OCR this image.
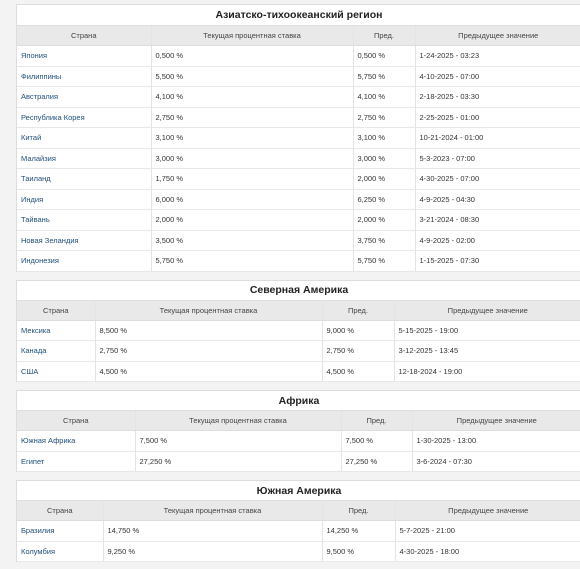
Азиатско-тихоокеанский регион
Страна	Текущая процентная ставка	Пред.	Предыдущее значение
Япония	0,500 %	0,500 %	1-24-2025 - 03:23
Филиппины	5,500 %	5,750 %	4-10-2025 - 07:00
Австралия	4,100 %	4,100 %	2-18-2025 - 03:30
Республика Корея	2,750 %	2,750 %	2-25-2025 - 01:00
Китай	3,100 %	3,100 %	10-21-2024 - 01:00
Малайзия	3,000 %	3,000 %	5-3-2023 - 07:00
Таиланд	1,750 %	2,000 %	4-30-2025 - 07:00
Индия	6,000 %	6,250 %	4-9-2025 - 04:30
Тайвань	2,000 %	2,000 %	3-21-2024 - 08:30
Новая Зеландия	3,500 %	3,750 %	4-9-2025 - 02:00
Индонезия	5,750 %	5,750 %	1-15-2025 - 07:30
Северная Америка
Страна	Текущая процентная ставка	Пред.	Предыдущее значение
Мексика	8,500 %	9,000 %	5-15-2025 - 19:00
Канада	2,750 %	2,750 %	3-12-2025 - 13:45
США	4,500 %	4,500 %	12-18-2024 - 19:00
Африка
Страна	Текущая процентная ставка	Пред.	Предыдущее значение
Южная Африка	7,500 %	7,500 %	1-30-2025 - 13:00
Египет	27,250 %	27,250 %	3-6-2024 - 07:30
Южная Америка
Страна	Текущая процентная ставка	Пред.	Предыдущее значение
Бразилия	14,750 %	14,250 %	5-7-2025 - 21:00
Колумбия	9,250 %	9,500 %	4-30-2025 - 18:00
